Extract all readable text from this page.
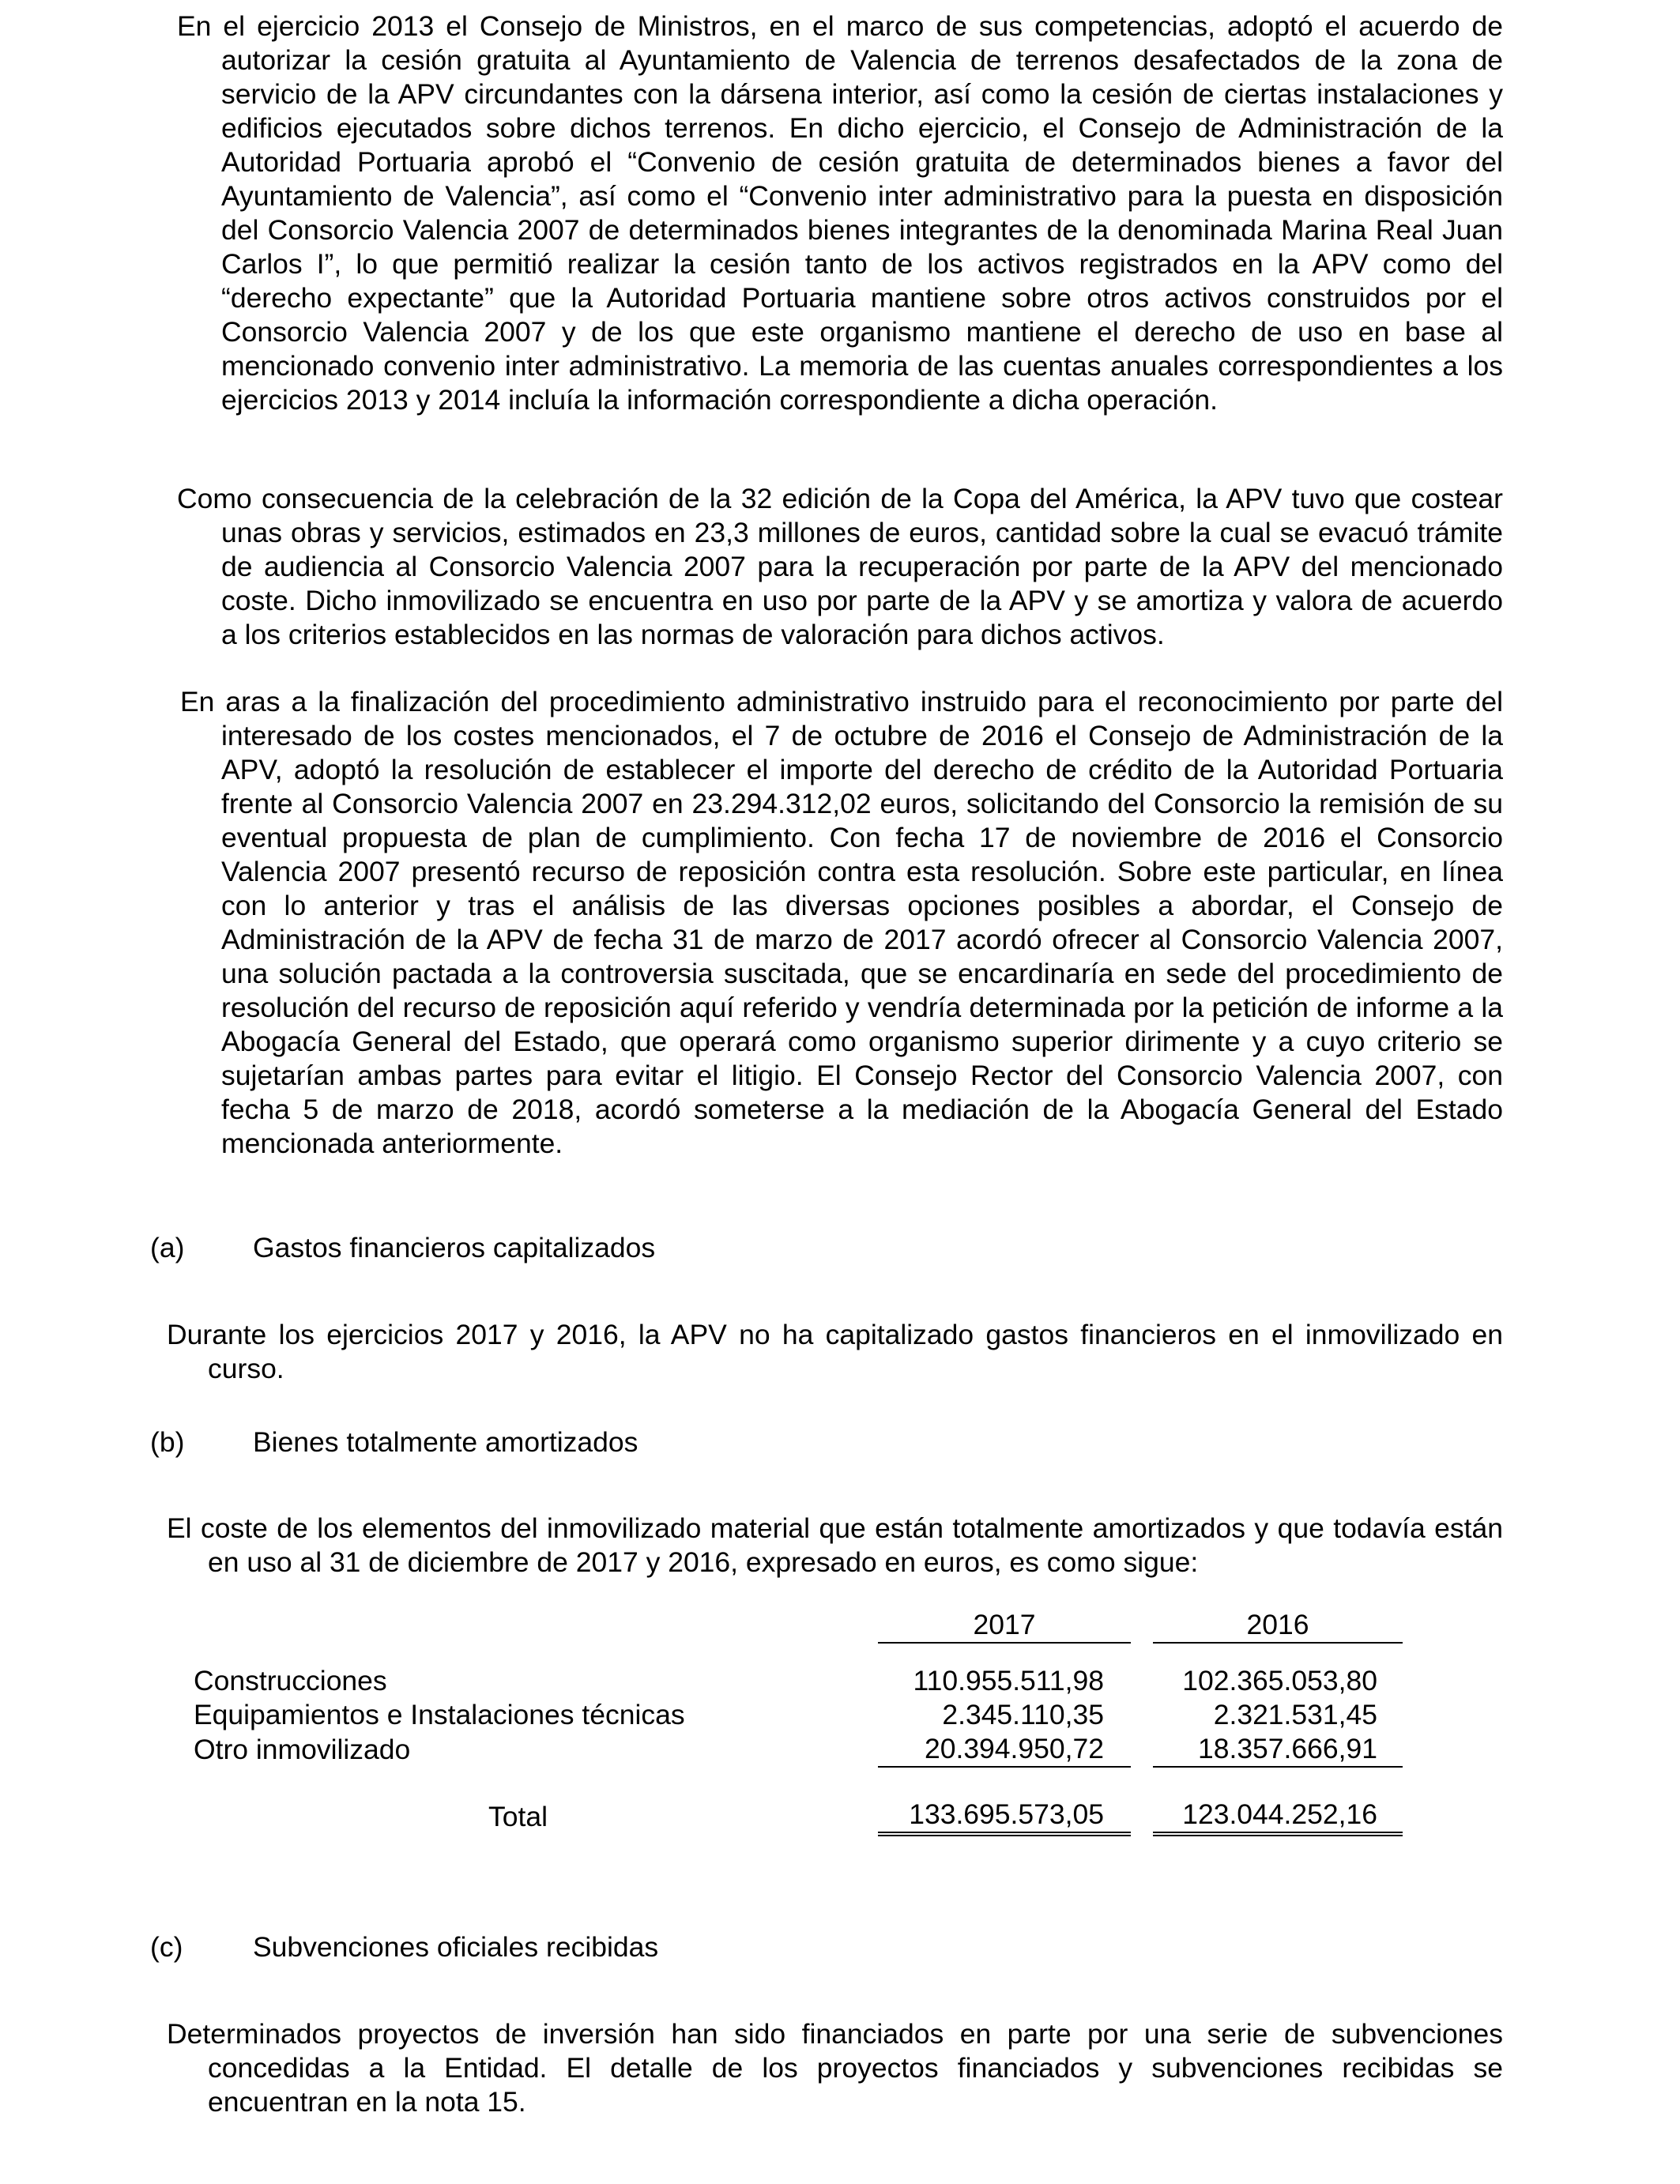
En el ejercicio 2013 el Consejo de Ministros, en el marco de sus competencias, adoptó el acuerdo de autorizar la cesión gratuita al Ayuntamiento de Valencia de terrenos desafectados de la zona de servicio de la APV circundantes con la dársena interior, así como la cesión de ciertas instalaciones y edificios ejecutados sobre dichos terrenos. En dicho ejercicio, el Consejo de Administración de la Autoridad Portuaria aprobó el “Convenio de cesión gratuita de determinados bienes a favor del Ayuntamiento de Valencia”, así como el “Convenio inter administrativo para la puesta en disposición del Consorcio Valencia 2007 de determinados bienes integrantes de la denominada Marina Real Juan Carlos I”, lo que permitió realizar la cesión tanto de los activos registrados en la APV como del “derecho expectante” que la Autoridad Portuaria mantiene sobre otros activos construidos por el Consorcio Valencia 2007 y de los que este organismo mantiene el derecho de uso en base al mencionado convenio inter administrativo. La memoria de las cuentas anuales correspondientes a los ejercicios 2013 y 2014 incluía la información correspondiente a dicha operación.

Como consecuencia de la celebración de la 32 edición de la Copa del América, la APV tuvo que costear unas obras y servicios, estimados en 23,3 millones de euros, cantidad sobre la cual se evacuó trámite de audiencia al Consorcio Valencia 2007 para la recuperación por parte de la APV del mencionado coste. Dicho inmovilizado se encuentra en uso por parte de la APV y se amortiza y valora de acuerdo a los criterios establecidos en las normas de valoración para dichos activos.

En aras a la finalización del procedimiento administrativo instruido para el reconocimiento por parte del interesado de los costes mencionados, el 7 de octubre de 2016 el Consejo de Administración de la APV, adoptó la resolución de establecer el importe del derecho de crédito de la Autoridad Portuaria frente al Consorcio Valencia 2007 en 23.294.312,02 euros, solicitando del Consorcio la remisión de su eventual propuesta de plan de cumplimiento. Con fecha 17 de noviembre de 2016 el Consorcio Valencia 2007 presentó recurso de reposición contra esta resolución. Sobre este particular, en línea con lo anterior y tras el análisis de las diversas opciones posibles a abordar, el Consejo de Administración de la APV de fecha 31 de marzo de 2017 acordó ofrecer al Consorcio Valencia 2007, una solución pactada a la controversia suscitada, que se encardinaría en sede del procedimiento de resolución del recurso de reposición aquí referido y vendría determinada por la petición de informe a la Abogacía General del Estado, que operará como organismo superior dirimente y a cuyo criterio se sujetarían ambas partes para evitar el litigio. El Consejo Rector del Consorcio Valencia 2007, con fecha 5 de marzo de 2018, acordó someterse a la mediación de la Abogacía General del Estado mencionada anteriormente.

(a) Gastos financieros capitalizados

Durante los ejercicios 2017 y 2016, la APV no ha capitalizado gastos financieros en el inmovilizado en curso.

(b) Bienes totalmente amortizados

El coste de los elementos del inmovilizado material que están totalmente amortizados y que todavía están en uso al 31 de diciembre de 2017 y 2016, expresado en euros, es como sigue:

	2017		2016

Construcciones	110.955.511,98		102.365.053,80
Equipamientos e Instalaciones técnicas	2.345.110,35		2.321.531,45
Otro inmovilizado	20.394.950,72		18.357.666,91

Total	133.695.573,05		123.044.252,16
(c) Subvenciones oficiales recibidas

Determinados proyectos de inversión han sido financiados en parte por una serie de subvenciones concedidas a la Entidad. El detalle de los proyectos financiados y subvenciones recibidas se encuentran en la nota 15.
